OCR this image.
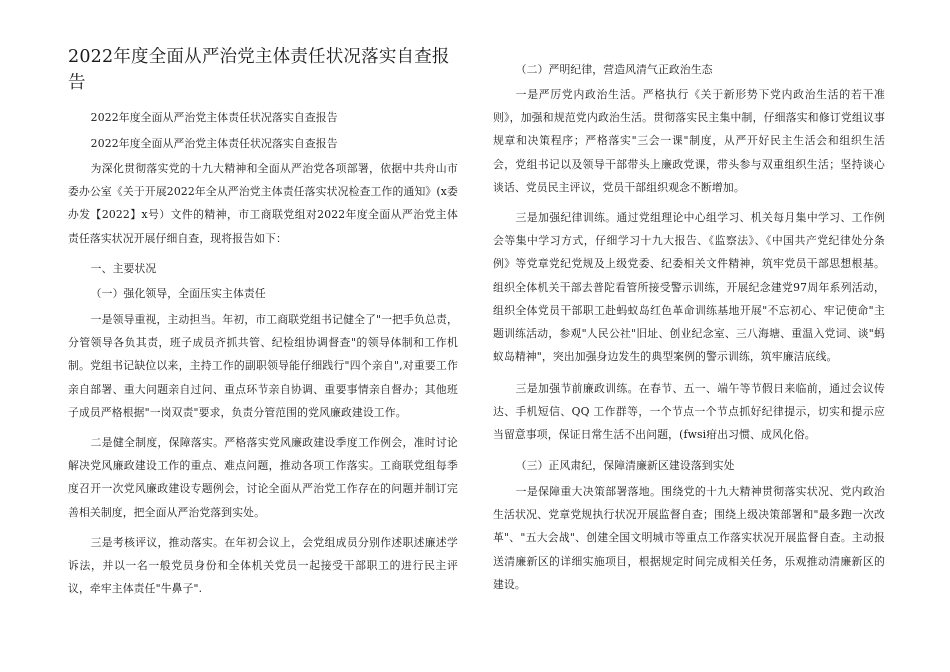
2022年度全面从严治党主体责任状况落实自查报告

2022年度全面从严治党主体责任状况落实自查报告

2022年度全面从严治党主体责任状况落实自查报告

为深化贯彻落实党的十九大精神和全面从严治党各项部署，依据中共舟山市委办公室《关于开展2022年全从严治党主体责任落实状况检查工作的通知》(x委办发【2022】x号）文件的精神，市工商联党组对2022年度全面从严治党主体责任落实状况开展仔细自查，现将报告如下：

一、主要状况

（一）强化领导，全面压实主体责任

一是领导重视，主动担当。年初，市工商联党组书记健全了"一把手负总责，分管领导各负其责，班子成员齐抓共管、纪检组协调督查"的领导体制和工作机制。党组书记缺位以来，主持工作的副职领导能仔细践行"四个亲自",对重要工作亲自部署、重大问题亲自过问、重点环节亲自协调、重要事情亲自督办；其他班子成员严格根据"一岗双责"要求，负责分管范围的党风廉政建设工作。

二是健全制度，保障落实。严格落实党风廉政建设季度工作例会，准时讨论解决党风廉政建设工作的重点、难点问题，推动各项工作落实。工商联党组每季度召开一次党风廉政建设专题例会，讨论全面从严治党工作存在的问题并制订完善相关制度，把全面从严治党落到实处。

三是考核评议，推动落实。在年初会议上，会党组成员分别作述职述廉述学诉法，并以一名一般党员身份和全体机关党员一起接受干部职工的进行民主评议，牵牢主体责任"牛鼻子".

（二）严明纪律，营造风清气正政治生态

一是严厉党内政治生活。严格执行《关于新形势下党内政治生活的若干准则》，加强和规范党内政治生活。贯彻落实民主集中制，仔细落实和修订党组议事规章和决策程序；严格落实"三会一课"制度，从严开好民主生活会和组织生活会，党组书记以及领导干部带头上廉政党课，带头参与双重组织生活；坚持谈心谈话、党员民主评议，党员干部组织观念不断增加。

三是加强纪律训练。通过党组理论中心组学习、机关每月集中学习、工作例会等集中学习方式，仔细学习十九大报告、《监察法》、《中国共产党纪律处分条例》等党章党纪党规及上级党委、纪委相关文件精神，筑牢党员干部思想根基。组织全体机关干部去普陀看管所接受警示训练，开展纪念建党97周年系列活动，组织全体党员干部职工赴蚂蚁岛红色革命训练基地开展"不忘初心、牢记使命"主题训练活动，参观"人民公社"旧址、创业纪念室、三八海塘、重温入党词、谈"蚂蚁岛精神"，突出加强身边发生的典型案例的警示训练，筑牢廉洁底线。

三是加强节前廉政训练。在春节、五一、端午等节假日来临前，通过会议传达、手机短信、QQ 工作群等，一个节点一个节点抓好纪律提示，切实和提示应当留意事项，保证日常生活不出问题，(fwsi疳出习惯、成风化俗。

（三）正风肃纪，保障清廉新区建设落到实处

一是保障重大决策部署落地。围绕党的十九大精神贯彻落实状况、党内政治生活状况、党章党规执行状况开展监督自查；围绕上级决策部署和"最多跑一次改革"、"五大会战"、创建全国文明城市等重点工作落实状况开展监督自查。主动报送清廉新区的详细实施项目，根据规定时间完成相关任务，乐观推动清廉新区的建设。
